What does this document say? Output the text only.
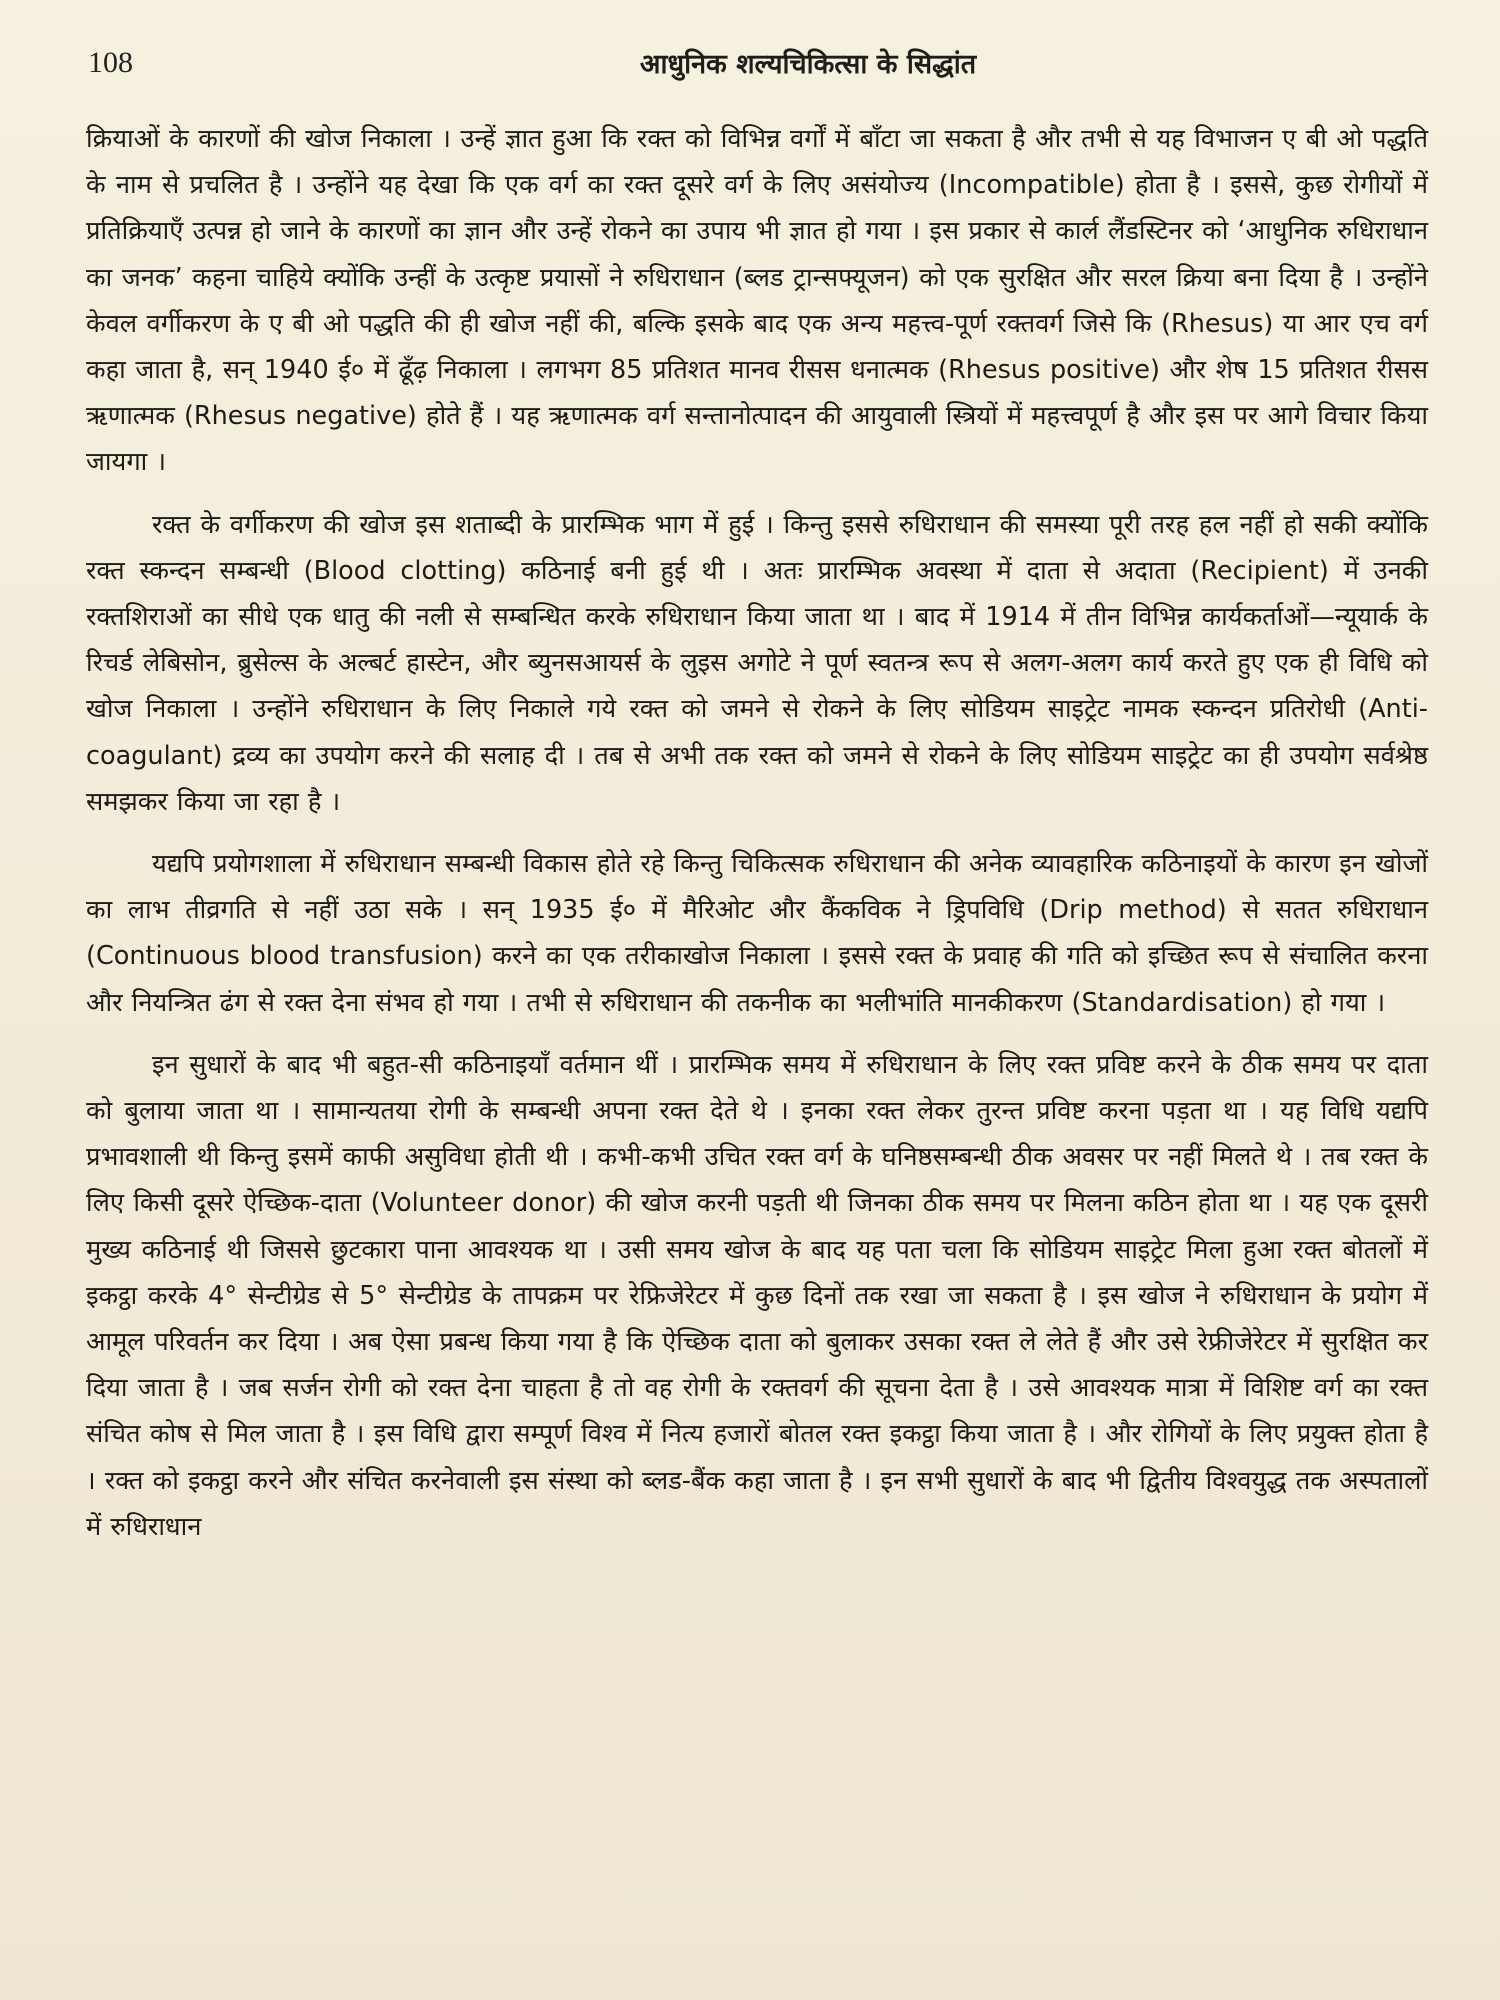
108	आधुनिक शल्यचिकित्सा के सिद्धांत

क्रियाओं के कारणों की खोज निकाला । उन्हें ज्ञात हुआ कि रक्त को विभिन्न वर्गों में बाँटा जा सकता है और तभी से यह विभाजन ए बी ओ पद्धति के नाम से प्रचलित है । उन्होंने यह देखा कि एक वर्ग का रक्त दूसरे वर्ग के लिए असंयोज्य (Incompatible) होता है । इससे, कुछ रोगीयों में प्रतिक्रियाएँ उत्पन्न हो जाने के कारणों का ज्ञान और उन्हें रोकने का उपाय भी ज्ञात हो गया । इस प्रकार से कार्ल लैंडस्टिनर को ‘आधुनिक रुधिराधान का जनक’ कहना चाहिये क्योंकि उन्हीं के उत्कृष्ट प्रयासों ने रुधिराधान (ब्लड ट्रान्सफ्यूजन) को एक सुरक्षित और सरल क्रिया बना दिया है । उन्होंने केवल वर्गीकरण के ए बी ओ पद्धति की ही खोज नहीं की, बल्कि इसके बाद एक अन्य महत्त्व-पूर्ण रक्तवर्ग जिसे कि (Rhesus) या आर एच वर्ग कहा जाता है, सन् 1940 ई० में ढूँढ़ निकाला । लगभग 85 प्रतिशत मानव रीसस धनात्मक (Rhesus positive) और शेष 15 प्रतिशत रीसस ऋणात्मक (Rhesus negative) होते हैं । यह ऋणात्मक वर्ग सन्तानोत्पादन की आयुवाली स्त्रियों में महत्त्वपूर्ण है और इस पर आगे विचार किया जायगा ।

रक्त के वर्गीकरण की खोज इस शताब्दी के प्रारम्भिक भाग में हुई । किन्तु इससे रुधिराधान की समस्या पूरी तरह हल नहीं हो सकी क्योंकि रक्त स्कन्दन सम्बन्धी (Blood clotting) कठिनाई बनी हुई थी । अतः प्रारम्भिक अवस्था में दाता से अदाता (Recipient) में उनकी रक्तशिराओं का सीधे एक धातु की नली से सम्बन्धित करके रुधिराधान किया जाता था । बाद में 1914 में तीन विभिन्न कार्यकर्ताओं—न्यूयार्क के रिचर्ड लेबिसोन, ब्रुसेल्स के अल्बर्ट हास्टेन, और ब्युनसआयर्स के लुइस अगोटे ने पूर्ण स्वतन्त्र रूप से अलग-अलग कार्य करते हुए एक ही विधि को खोज निकाला । उन्होंने रुधिराधान के लिए निकाले गये रक्त को जमने से रोकने के लिए सोडियम साइट्रेट नामक स्कन्दन प्रतिरोधी (Anti-coagulant) द्रव्य का उपयोग करने की सलाह दी । तब से अभी तक रक्त को जमने से रोकने के लिए सोडियम साइट्रेट का ही उपयोग सर्वश्रेष्ठ समझकर किया जा रहा है ।

यद्यपि प्रयोगशाला में रुधिराधान सम्बन्धी विकास होते रहे किन्तु चिकित्सक रुधिराधान की अनेक व्यावहारिक कठिनाइयों के कारण इन खोजों का लाभ तीव्रगति से नहीं उठा सके । सन् 1935 ई० में मैरिओट और कैंकविक ने ड्रिपविधि (Drip method) से सतत रुधिराधान (Continuous blood transfusion) करने का एक तरीकाखोज निकाला । इससे रक्त के प्रवाह की गति को इच्छित रूप से संचालित करना और नियन्त्रित ढंग से रक्त देना संभव हो गया । तभी से रुधिराधान की तकनीक का भलीभांति मानकीकरण (Standardisation) हो गया ।

इन सुधारों के बाद भी बहुत-सी कठिनाइयाँ वर्तमान थीं । प्रारम्भिक समय में रुधिराधान के लिए रक्त प्रविष्ट करने के ठीक समय पर दाता को बुलाया जाता था । सामान्यतया रोगी के सम्बन्धी अपना रक्त देते थे । इनका रक्त लेकर तुरन्त प्रविष्ट करना पड़ता था । यह विधि यद्यपि प्रभावशाली थी किन्तु इसमें काफी असुविधा होती थी । कभी-कभी उचित रक्त वर्ग के घनिष्ठसम्बन्धी ठीक अवसर पर नहीं मिलते थे । तब रक्त के लिए किसी दूसरे ऐच्छिक-दाता (Volunteer donor) की खोज करनी पड़ती थी जिनका ठीक समय पर मिलना कठिन होता था । यह एक दूसरी मुख्य कठिनाई थी जिससे छुटकारा पाना आवश्यक था । उसी समय खोज के बाद यह पता चला कि सोडियम साइट्रेट मिला हुआ रक्त बोतलों में इकट्ठा करके 4° सेन्टीग्रेड से 5° सेन्टीग्रेड के तापक्रम पर रेफ्रिजेरेटर में कुछ दिनों तक रखा जा सकता है । इस खोज ने रुधिराधान के प्रयोग में आमूल परिवर्तन कर दिया । अब ऐसा प्रबन्ध किया गया है कि ऐच्छिक दाता को बुलाकर उसका रक्त ले लेते हैं और उसे रेफ्रीजेरेटर में सुरक्षित कर दिया जाता है । जब सर्जन रोगी को रक्त देना चाहता है तो वह रोगी के रक्तवर्ग की सूचना देता है । उसे आवश्यक मात्रा में विशिष्ट वर्ग का रक्त संचित कोष से मिल जाता है । इस विधि द्वारा सम्पूर्ण विश्व में नित्य हजारों बोतल रक्त इकट्ठा किया जाता है । और रोगियों के लिए प्रयुक्त होता है । रक्त को इकट्ठा करने और संचित करनेवाली इस संस्था को ब्लड-बैंक कहा जाता है । इन सभी सुधारों के बाद भी द्वितीय विश्वयुद्ध तक अस्पतालों में रुधिराधान
